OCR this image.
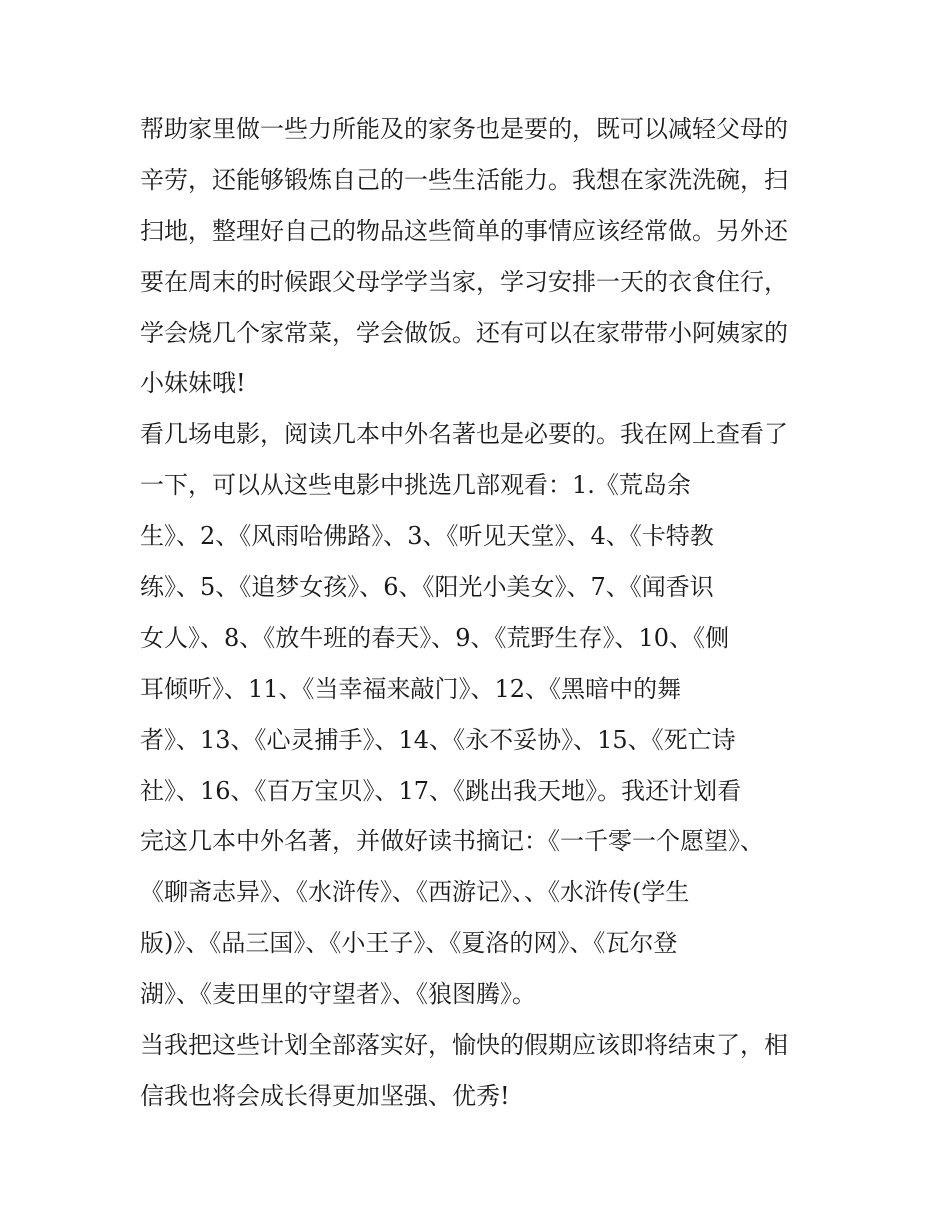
帮助家里做一些力所能及的家务也是要的，既可以减轻父母的
辛劳，还能够锻炼自己的一些生活能力。我想在家洗洗碗，扫
扫地，整理好自己的物品这些简单的事情应该经常做。另外还
要在周末的时候跟父母学学当家，学习安排一天的衣食住行，
学会烧几个家常菜，学会做饭。还有可以在家带带小阿姨家的
小妹妹哦!
看几场电影，阅读几本中外名著也是必要的。我在网上查看了
一下，可以从这些电影中挑选几部观看：1.《荒岛余
生》、2、《风雨哈佛路》、3、《听见天堂》、4、《卡特教
练》、5、《追梦女孩》、6、《阳光小美女》、7、《闻香识
女人》、8、《放牛班的春天》、9、《荒野生存》、10、《侧
耳倾听》、11、《当幸福来敲门》、12、《黑暗中的舞
者》、13、《心灵捕手》、14、《永不妥协》、15、《死亡诗
社》、16、《百万宝贝》、17、《跳出我天地》。我还计划看
完这几本中外名著，并做好读书摘记：《一千零一个愿望》、
《聊斋志异》、《水浒传》、《西游记》、、《水浒传(学生
版)》、《品三国》、《小王子》、《夏洛的网》、《瓦尔登
湖》、《麦田里的守望者》、《狼图腾》。
当我把这些计划全部落实好，愉快的假期应该即将结束了，相
信我也将会成长得更加坚强、优秀!
